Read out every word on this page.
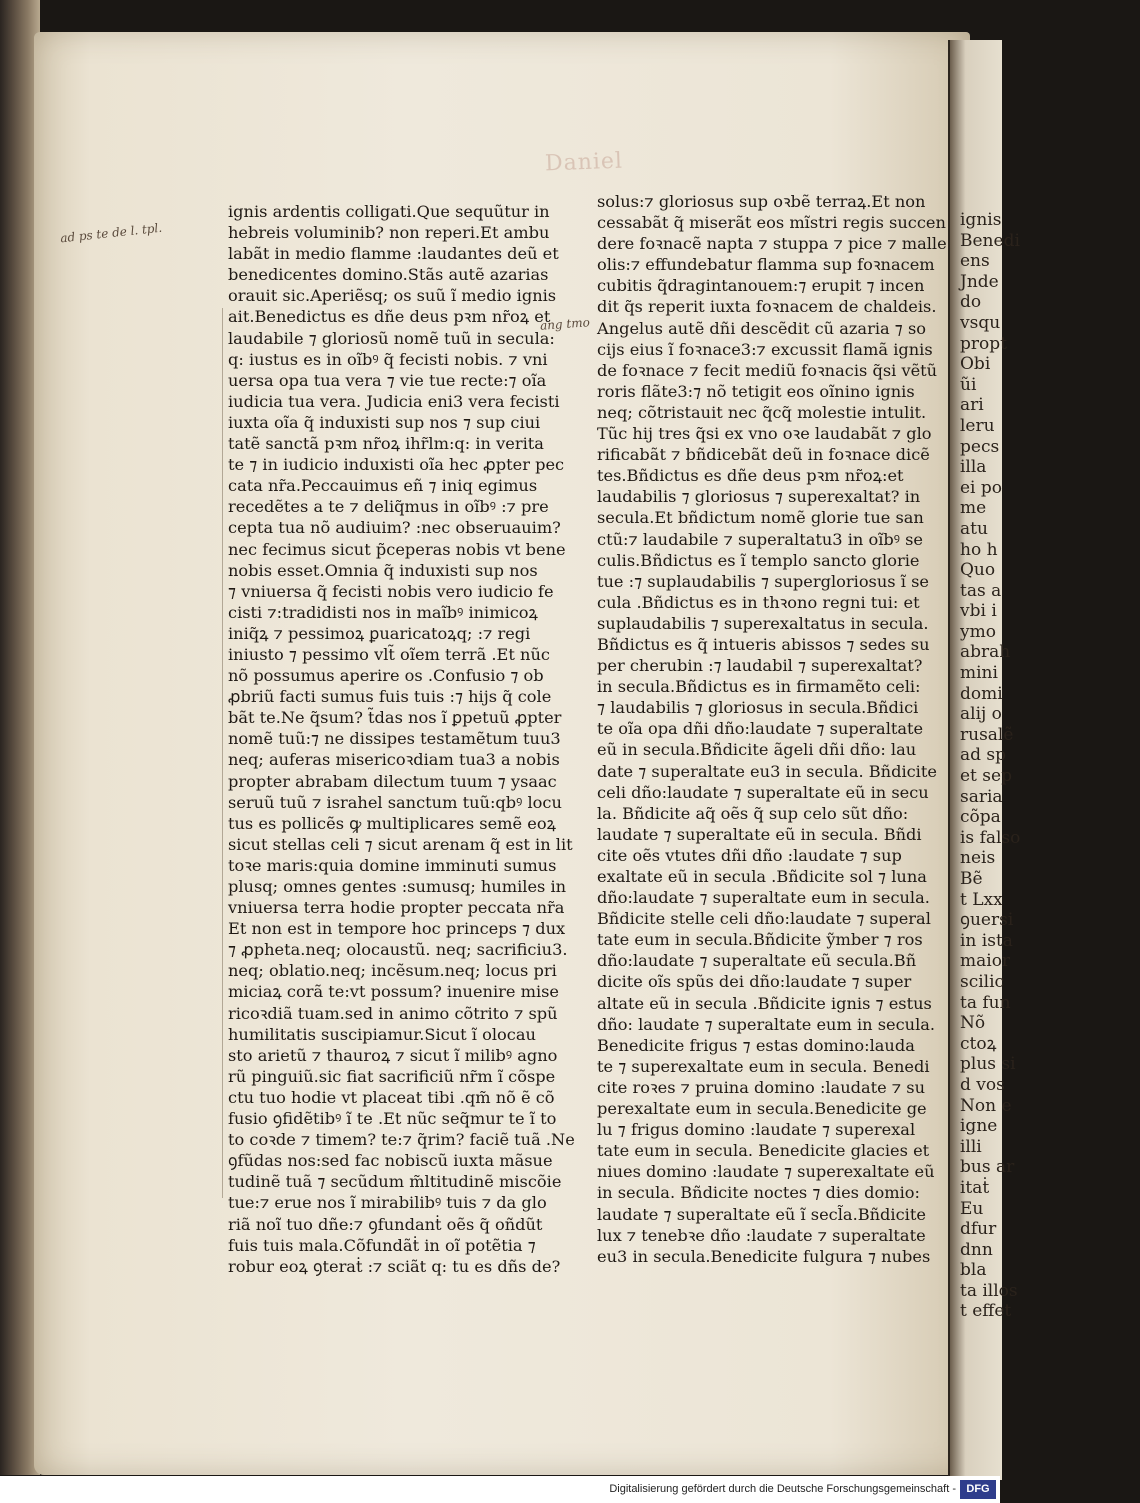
Daniel
ignis
Benedi
ens
Jnde
do
vsqu
propt
Obi
ũi
ari
leru
pecs
illa
ei po
me
atu
ho h
Quo
tas a
vbi i
ymo
abrah
mini
domi
alij o
rusalẽ
ad sp
et sep
saria
cõpa
is falso
neis
Bẽ
t Lxx
ꝯuersi
in ista
maior
scilic
ta fun
Nõ
ctoꝝ
plus si
d vos
Non e
igne
illi
bus ar
itaṫ
Eu
dfur
dnn
bla
ta illos
t effet
ad ps te de l. tpl.
ang tmo
ignis ardentis colligati.Que sequũtur in
hebreis voluminib? non reperi.Et ambu
labãt in medio flamme :laudantes deũ et
benedicentes domino.Stãs autẽ azarias
orauit sic.Aperiẽsq; os suũ ĩ medio ignis
ait.Benedictus es dñe deus pꝛm nr̃oꝝ et
laudabile ⁊ gloriosũ nomẽ tuũ in secula:
q: iustus es in oĩbꝰ q̃ fecisti nobis. ⁊ vni
uersa opa tua vera ⁊ vie tue recte:⁊ oĩa
iudicia tua vera. Judicia eni3 vera fecisti
iuxta oĩa q̃ induxisti sup nos ⁊ sup ciui
tatẽ sanctã pꝛm nr̃oꝝ ihr̃lm:q: in verita
te ⁊ in iudicio induxisti oĩa hec ꝓpter pec
cata nr̃a.Peccauimus eñ ⁊ iniq egimus
recedẽtes a te ⁊ deliq̃mus in oĩbꝰ :⁊ pre
cepta tua nõ audiuim? :nec obseruauim?
nec fecimus sicut p̃ceperas nobis vt bene
nobis esset.Omnia q̃ induxisti sup nos
⁊ vniuersa q̃ fecisti nobis vero iudicio fe
cisti ⁊:tradidisti nos in maĩbꝰ inimicoꝝ
iniq̃ꝝ ⁊ pessimoꝝ ꝑuaricatoꝝq; :⁊ regi
iniusto ⁊ pessimo vlt̃ oĩem terrã .Et nũc
nõ possumus aperire os .Confusio ⁊ ob
ꝓbriũ facti sumus fuis tuis :⁊ hijs q̃ cole
bãt te.Ne q̃sum? t̃das nos ĩ ꝑpetuũ ꝓpter
nomẽ tuũ:⁊ ne dissipes testamẽtum tuu3
neq; auferas misericoꝛdiam tua3 a nobis
propter abrabam dilectum tuum ⁊ ysaac
seruũ tuũ ⁊ israhel sanctum tuũ:qbꝰ locu
tus es pollicẽs ꝙ multiplicares semẽ eoꝝ
sicut stellas celi ⁊ sicut arenam q̃ est in lit
toꝛe maris:quia domine imminuti sumus
plusq; omnes gentes :sumusq; humiles in
vniuersa terra hodie propter peccata nr̃a
Et non est in tempore hoc princeps ⁊ dux
⁊ ꝓpheta.neq; olocaustũ. neq; sacrificiu3.
neq; oblatio.neq; incẽsum.neq; locus pri
miciaꝝ corã te:vt possum? inuenire mise
ricoꝛdiã tuam.sed in animo cõtrito ⁊ spũ
humilitatis suscipiamur.Sicut ĩ olocau
sto arietũ ⁊ thauroꝝ ⁊ sicut ĩ milibꝰ agno
rũ pinguiũ.sic fiat sacrificiũ nr̃m ĩ cõspe
ctu tuo hodie vt placeat tibi .qm̃ nõ ẽ cõ
fusio ꝯfidẽtibꝰ ĩ te .Et nũc seq̃mur te ĩ to
to coꝛde ⁊ timem? te:⁊ q̃rim? faciẽ tuã .Ne
ꝯfũdas nos:sed fac nobiscũ iuxta mãsue
tudinẽ tuã ⁊ secũdum m̃ltitudinẽ miscõie
tue:⁊ erue nos ĩ mirabilibꝰ tuis ⁊ da glo
riã noĩ tuo dñe:⁊ ꝯfundanṫ oẽs q̃ oñdũt
fuis tuis mala.Cõfundãṫ in oĩ potẽtia ⁊
robur eoꝝ ꝯteraṫ :⁊ sciãt q: tu es dñs de?
solus:⁊ gloriosus sup oꝛbẽ terraꝝ.Et non
cessabãt q̃ miserãt eos mĩstri regis succen
dere foꝛnacẽ napta ⁊ stuppa ⁊ pice ⁊ malle
olis:⁊ effundebatur flamma sup foꝛnacem
cubitis q̃dragintanouem:⁊ erupit ⁊ incen
dit q̃s reperit iuxta foꝛnacem de chaldeis.
Angelus autẽ dñi descẽdit cũ azaria ⁊ so
cijs eius ĩ foꝛnace3:⁊ excussit flamã ignis
de foꝛnace ⁊ fecit mediũ foꝛnacis q̃si vẽtũ
roris flãte3:⁊ nõ tetigit eos oĩnino ignis
neq; cõtristauit nec q̃cq̃ molestie intulit.
Tũc hij tres q̃si ex vno oꝛe laudabãt ⁊ glo
rificabãt ⁊ bñdicebãt deũ in foꝛnace dicẽ
tes.Bñdictus es dñe deus pꝛm nr̃oꝝ:et
laudabilis ⁊ gloriosus ⁊ superexaltat? in
secula.Et bñdictum nomẽ glorie tue san
ctũ:⁊ laudabile ⁊ superaltatu3 in oĩbꝰ se
culis.Bñdictus es ĩ templo sancto glorie
tue :⁊ suplaudabilis ⁊ supergloriosus ĩ se
cula .Bñdictus es in thꝛono regni tui: et
suplaudabilis ⁊ superexaltatus in secula.
Bñdictus es q̃ intueris abissos ⁊ sedes su
per cherubin :⁊ laudabil ⁊ superexaltat?
in secula.Bñdictus es in firmamẽto celi:
⁊ laudabilis ⁊ gloriosus in secula.Bñdici
te oĩa opa dñi dño:laudate ⁊ superaltate
eũ in secula.Bñdicite ãgeli dñi dño: lau
date ⁊ superaltate eu3 in secula. Bñdicite
celi dño:laudate ⁊ superaltate eũ in secu
la. Bñdicite aq̃ oẽs q̃ sup celo sũt dño:
laudate ⁊ superaltate eũ in secula. Bñdi
cite oẽs vtutes dñi dño :laudate ⁊ sup
exaltate eũ in secula .Bñdicite sol ⁊ luna
dño:laudate ⁊ superaltate eum in secula.
Bñdicite stelle celi dño:laudate ⁊ superal
tate eum in secula.Bñdicite ỹmber ⁊ ros
dño:laudate ⁊ superaltate eũ secula.Bñ
dicite oĩs spũs dei dño:laudate ⁊ super
altate eũ in secula .Bñdicite ignis ⁊ estus
dño: laudate ⁊ superaltate eum in secula.
Benedicite frigus ⁊ estas domino:lauda
te ⁊ superexaltate eum in secula. Benedi
cite roꝛes ⁊ pruina domino :laudate ⁊ su
perexaltate eum in secula.Benedicite ge
lu ⁊ frigus domino :laudate ⁊ superexal
tate eum in secula. Benedicite glacies et
niues domino :laudate ⁊ superexaltate eũ
in secula. Bñdicite noctes ⁊ dies domio:
laudate ⁊ superaltate eũ ĩ secl̃a.Bñdicite
lux ⁊ tenebꝛe dño :laudate ⁊ superaltate
eu3 in secula.Benedicite fulgura ⁊ nubes
Digitalisierung gefördert durch die Deutsche Forschungsgemeinschaft - DFG
